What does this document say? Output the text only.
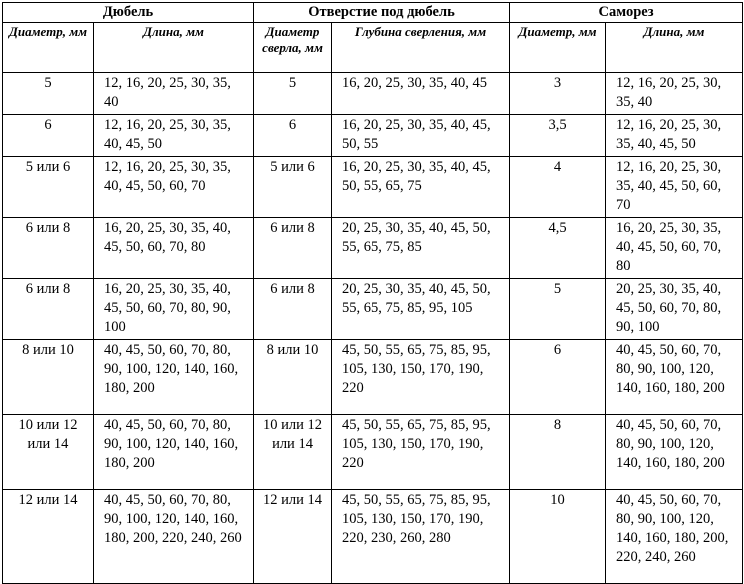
Дюбель		Отверстие под дюбель		Саморез	
Диаметр, мм	Длина, мм	Диаметр сверла, мм	Глубина сверления, мм	Диаметр, мм	Длина, мм
5	12, 16, 20, 25, 30, 35, 40	5	16, 20, 25, 30, 35, 40, 45	3	12, 16, 20, 25, 30, 35, 40
6	12, 16, 20, 25, 30, 35, 40, 45, 50	6	16, 20, 25, 30, 35, 40, 45, 50, 55	3,5	12, 16, 20, 25, 30, 35, 40, 45, 50
5 или 6	12, 16, 20, 25, 30, 35, 40, 45, 50, 60, 70	5 или 6	16, 20, 25, 30, 35, 40, 45, 50, 55, 65, 75	4	12, 16, 20, 25, 30, 35, 40, 45, 50, 60, 70
6 или 8	16, 20, 25, 30, 35, 40, 45, 50, 60, 70, 80	6 или 8	20, 25, 30, 35, 40, 45, 50, 55, 65, 75, 85	4,5	16, 20, 25, 30, 35, 40, 45, 50, 60, 70, 80
6 или 8	16, 20, 25, 30, 35, 40, 45, 50, 60, 70, 80, 90, 100	6 или 8	20, 25, 30, 35, 40, 45, 50, 55, 65, 75, 85, 95, 105	5	20, 25, 30, 35, 40, 45, 50, 60, 70, 80, 90, 100
8 или 10	40, 45, 50, 60, 70, 80, 90, 100, 120, 140, 160, 180, 200	8 или 10	45, 50, 55, 65, 75, 85, 95, 105, 130, 150, 170, 190, 220	6	40, 45, 50, 60, 70, 80, 90, 100, 120, 140, 160, 180, 200
10 или 12 или 14	40, 45, 50, 60, 70, 80, 90, 100, 120, 140, 160, 180, 200	10 или 12 или 14	45, 50, 55, 65, 75, 85, 95, 105, 130, 150, 170, 190, 220	8	40, 45, 50, 60, 70, 80, 90, 100, 120, 140, 160, 180, 200
12 или 14	40, 45, 50, 60, 70, 80, 90, 100, 120, 140, 160, 180, 200, 220, 240, 260	12 или 14	45, 50, 55, 65, 75, 85, 95, 105, 130, 150, 170, 190, 220, 230, 260, 280	10	40, 45, 50, 60, 70, 80, 90, 100, 120, 140, 160, 180, 200, 220, 240, 260
